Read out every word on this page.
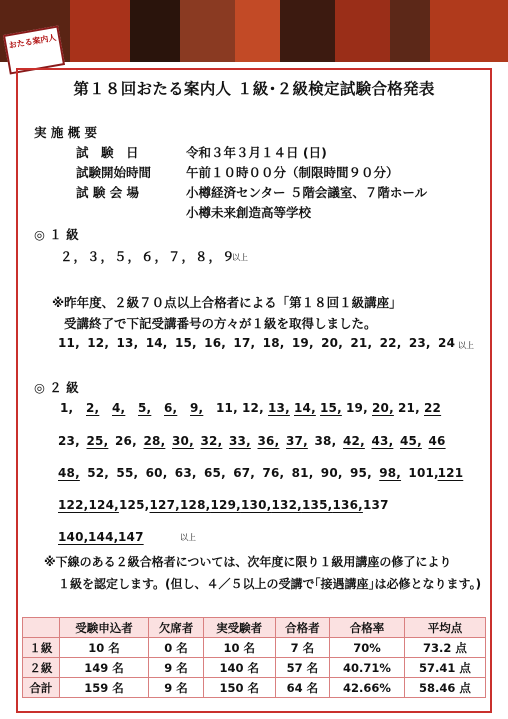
おたる案内人
第１８回おたる案内人 １級･２級検定試験合格発表
実 施 概 要
試　験　日	令和３年３月１４日 (日)
試験開始時間	午前１０時００分（制限時間９０分）
試 験 会 場	小樽経済センター ５階会議室、７階ホール
小樽未来創造高等学校
◎ １ 級
２，３，５，６，７，８，９
以上
※昨年度、２級７０点以上合格者による「第１８回１級講座」
受講終了で下記受講番号の方々が１級を取得しました。
11, 12, 13, 14, 15, 16, 17, 18, 19, 20, 21, 22, 23, 24 以上
◎ ２ 級
1, 2, 4, 5, 6, 9, 11, 12, 13, 14, 15, 19, 20, 21, 22
23, 25, 26, 28, 30, 32, 33, 36, 37, 38, 42, 43, 45, 46
48, 52, 55, 60, 63, 65, 67, 76, 81, 90, 95, 98, 101,
121
122, 124, 125, 127, 128, 129, 130, 132, 135, 136, 137
140, 144, 147	以上
※下線のある２級合格者については、次年度に限り１級用講座の修了により
１級を認定します。(但し、４／５以上の受講で｢接遇講座｣は必修となります。)
	受験申込者	欠席者	実受験者	合格者	合格率	平均点
１級	10 名	0 名	10 名	7 名	70%	73.2 点
２級	149 名	9 名	140 名	57 名	40.71%	57.41 点
合計	159 名	9 名	150 名	64 名	42.66%	58.46 点
